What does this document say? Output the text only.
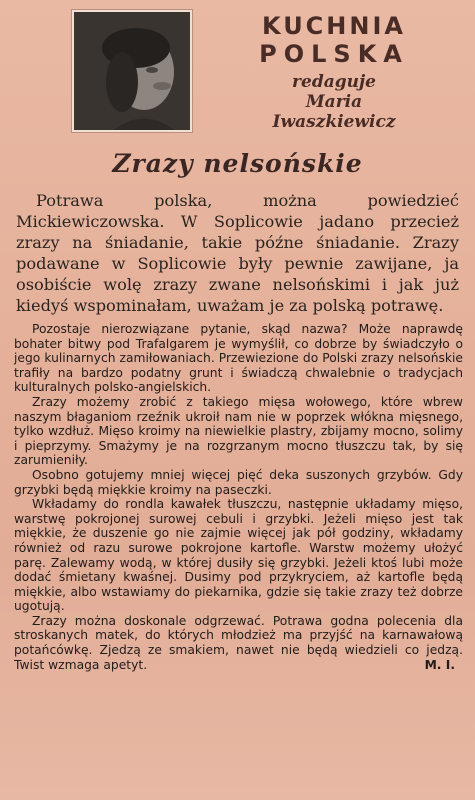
KUCHNIA
POLSKA
redaguje
Maria
Iwaszkiewicz
Zrazy nelsońskie
Potrawa polska, można powiedzieć Mickiewiczowska. W Soplicowie jadano przecież zrazy na śniadanie, takie późne śniadanie. Zrazy podawane w Soplicowie były pewnie zawijane, ja osobiście wolę zrazy zwane nelsońskimi i jak już kiedyś wspominałam, uważam je za polską potrawę.

Pozostaje nierozwiązane pytanie, skąd nazwa? Może naprawdę bohater bitwy pod Trafalgarem je wymyślił, co dobrze by świadczyło o jego kulinarnych zamiłowaniach. Przewiezione do Polski zrazy nelsońskie trafiły na bardzo podatny grunt i świadczą chwalebnie o tradycjach kulturalnych polsko-angielskich.

Zrazy możemy zrobić z takiego mięsa wołowego, które wbrew naszym błaganiom rzeźnik ukroił nam nie w poprzek włókna mięsnego, tylko wzdłuż. Mięso kroimy na niewielkie plastry, zbijamy mocno, solimy i pieprzymy. Smażymy je na rozgrzanym mocno tłuszczu tak, by się zarumieniły.

Osobno gotujemy mniej więcej pięć deka suszonych grzybów. Gdy grzybki będą miękkie kroimy na paseczki.

Wkładamy do rondla kawałek tłuszczu, następnie układamy mięso, warstwę pokrojonej surowej cebuli i grzybki. Jeżeli mięso jest tak miękkie, że duszenie go nie zajmie więcej jak pół godziny, wkładamy również od razu surowe pokrojone kartofle. Warstw możemy ułożyć parę. Zalewamy wodą, w której dusiły się grzybki. Jeżeli ktoś lubi może dodać śmietany kwaśnej. Dusimy pod przykryciem, aż kartofle będą miękkie, albo wstawiamy do piekarnika, gdzie się takie zrazy też dobrze ugotują.

Zrazy można doskonale odgrzewać. Potrawa godna polecenia dla stroskanych matek, do których młodzież ma przyjść na karnawałową potańcówkę. Zjedzą ze smakiem, nawet nie będą wiedzieli co jedzą. Twist wzmaga apetyt.	M. I.
